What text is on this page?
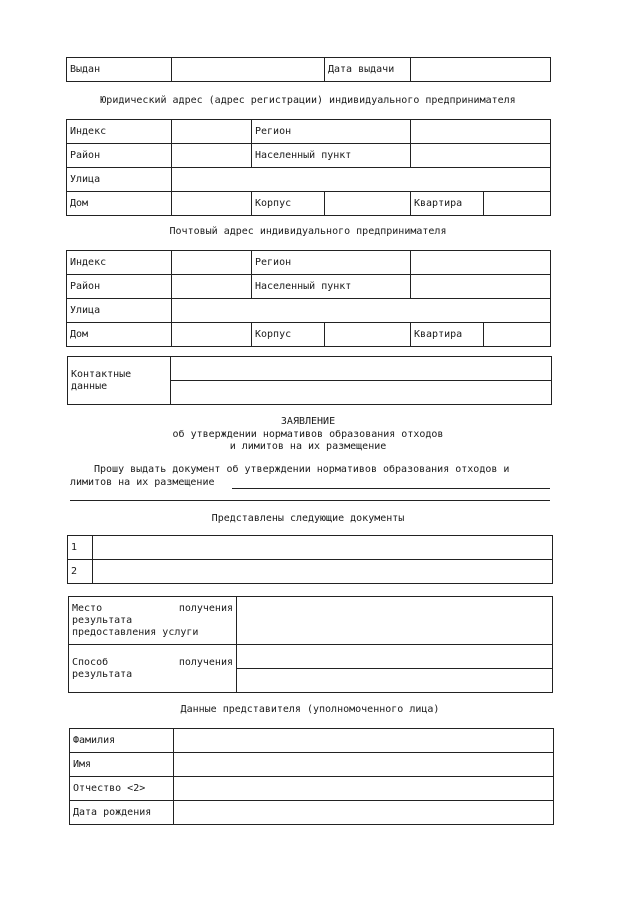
Выдан		Дата выдачи	
Юридический адрес (адрес регистрации) индивидуального предпринимателя
Индекс		Регион			
Район		Населенный пункт			
Улица					
Дом		Корпус		Квартира	
Почтовый адрес индивидуального предпринимателя
Индекс		Регион			
Район		Населенный пункт			
Улица					
Дом		Корпус		Квартира	
Контактные
данные

ЗАЯВЛЕНИЕ
об утверждении нормативов образования отходов
и лимитов на их размещение
Прошу выдать документ об утверждении нормативов образования отходов и
лимитов на их размещение
Представлены следующие документы
1	
2	
Место получения
результата
предоставления услуги	

Способ получения
результата	

Данные представителя (уполномоченного лица)
Фамилия	
Имя	
Отчество <2>	
Дата рождения	
